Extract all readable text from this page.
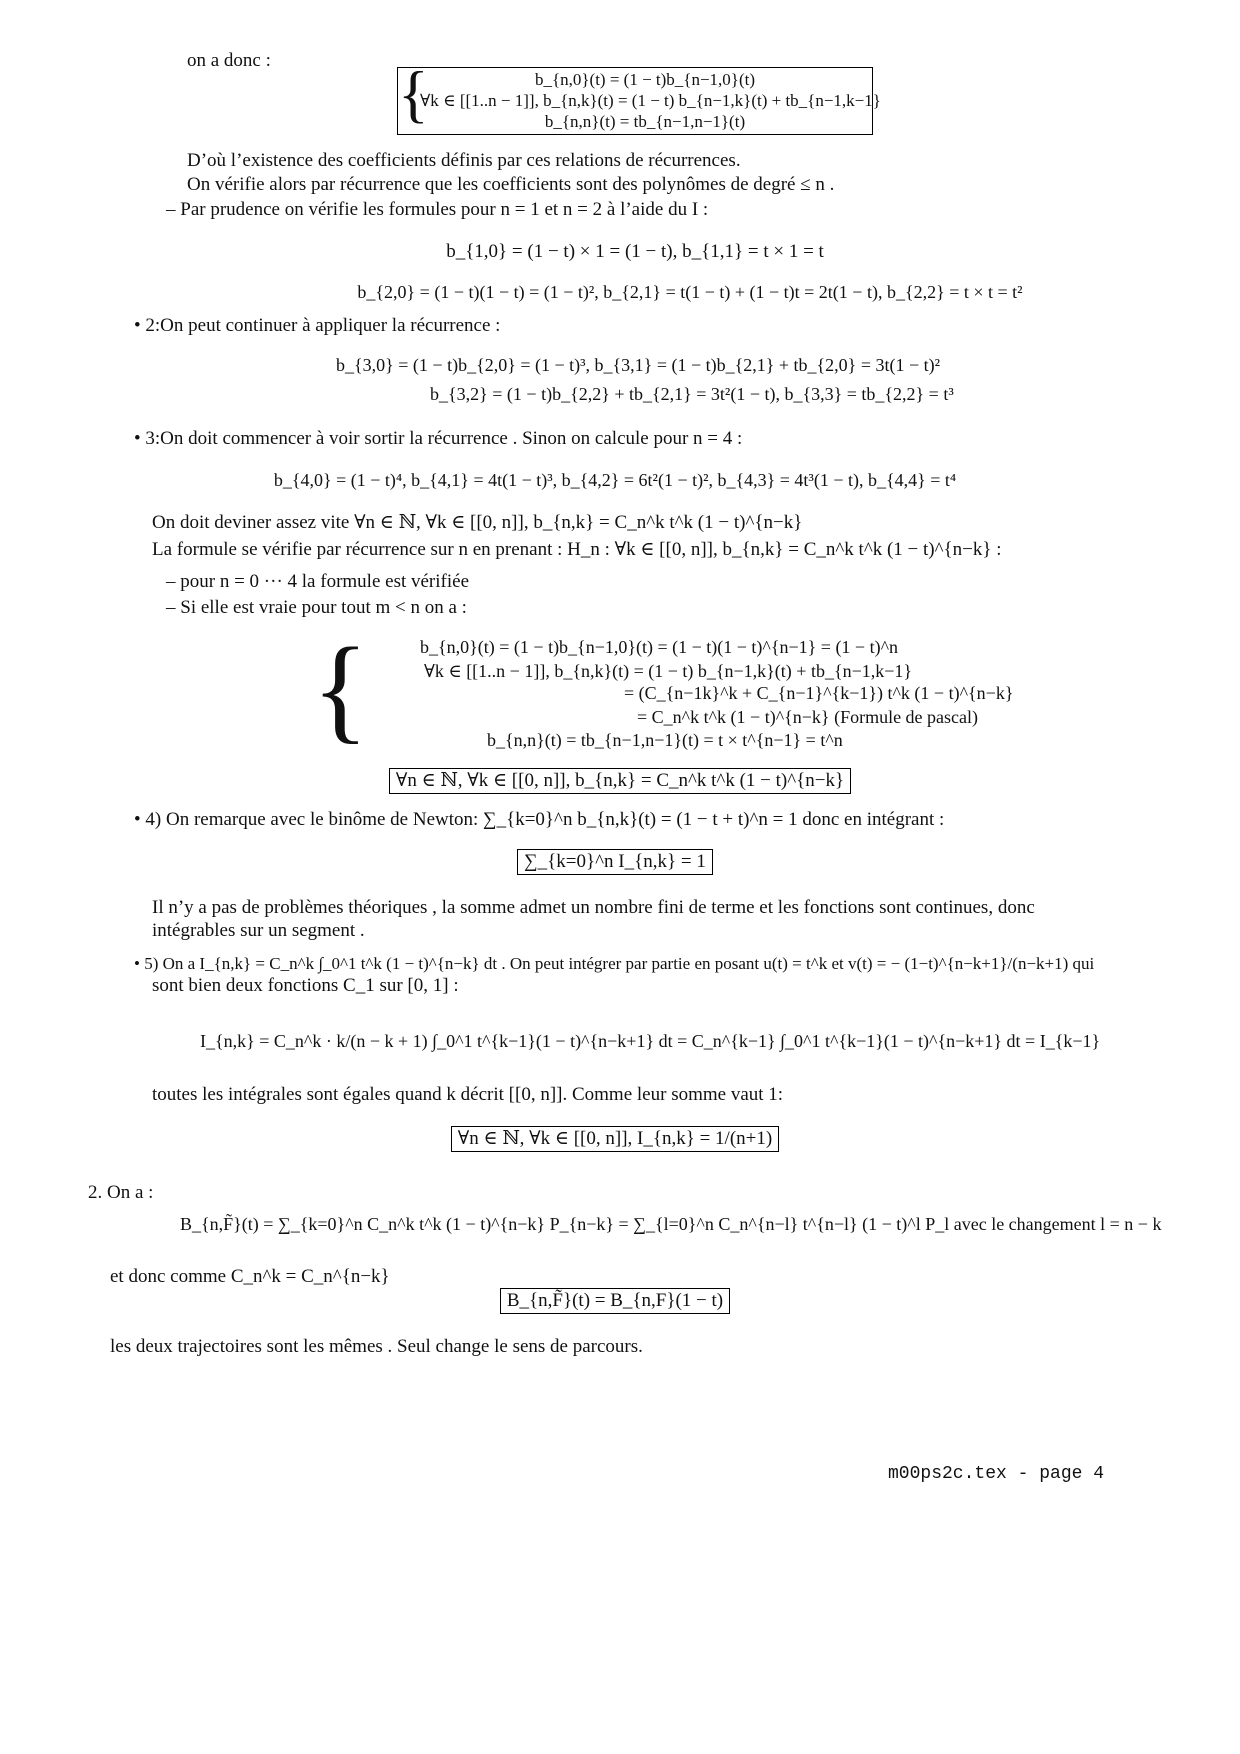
on a donc : {	b_{n,0}(t) = (1 − t)b_{n−1,0}(t)
∀k ∈ [[1..n − 1]], b_{n,k}(t) = (1 − t) b_{n−1,k}(t) + tb_{n−1,k−1}
b_{n,n}(t) = tb_{n−1,n−1}(t)
D’où l’existence des coefficients définis par ces relations de récurrences.
On vérifie alors par récurrence que les coefficients sont des polynômes de degré ≤ n .
– Par prudence on vérifie les formules pour n = 1 et n = 2 à l’aide du I :
b_{1,0} = (1 − t) × 1 = (1 − t), b_{1,1} = t × 1 = t
b_{2,0} = (1 − t)(1 − t) = (1 − t)², b_{2,1} = t(1 − t) + (1 − t)t = 2t(1 − t), b_{2,2} = t × t = t²
• 2:On peut continuer à appliquer la récurrence :
b_{3,0} = (1 − t)b_{2,0} = (1 − t)³, b_{3,1} = (1 − t)b_{2,1} + tb_{2,0} = 3t(1 − t)²
b_{3,2} = (1 − t)b_{2,2} + tb_{2,1} = 3t²(1 − t), b_{3,3} = tb_{2,2} = t³
• 3:On doit commencer à voir sortir la récurrence . Sinon on calcule pour n = 4 :
b_{4,0} = (1 − t)⁴, b_{4,1} = 4t(1 − t)³, b_{4,2} = 6t²(1 − t)², b_{4,3} = 4t³(1 − t), b_{4,4} = t⁴
On doit deviner assez vite ∀n ∈ ℕ, ∀k ∈ [[0, n]], b_{n,k} = C_n^k t^k (1 − t)^{n−k}
La formule se vérifie par récurrence sur n en prenant : H_n : ∀k ∈ [[0, n]], b_{n,k} = C_n^k t^k (1 − t)^{n−k} :
– pour n = 0 ··· 4 la formule est vérifiée
– Si elle est vraie pour tout m < n on a :
{	b_{n,0}(t) = (1 − t)b_{n−1,0}(t) = (1 − t)(1 − t)^{n−1} = (1 − t)^n
∀k ∈ [[1..n − 1]], b_{n,k}(t) = (1 − t) b_{n−1,k}(t) + tb_{n−1,k−1}
= (C_{n−1k}^k + C_{n−1}^{k−1}) t^k (1 − t)^{n−k}
= C_n^k t^k (1 − t)^{n−k} (Formule de pascal)
b_{n,n}(t) = tb_{n−1,n−1}(t) = t × t^{n−1} = t^n
∀n ∈ ℕ, ∀k ∈ [[0, n]], b_{n,k} = C_n^k t^k (1 − t)^{n−k}
• 4) On remarque avec le binôme de Newton: ∑_{k=0}^n b_{n,k}(t) = (1 − t + t)^n = 1 donc en intégrant :
∑_{k=0}^n I_{n,k} = 1
Il n’y a pas de problèmes théoriques , la somme admet un nombre fini de terme et les fonctions sont continues, donc
intégrables sur un segment .
• 5) On a I_{n,k} = C_n^k ∫_0^1 t^k (1 − t)^{n−k} dt . On peut intégrer par partie en posant u(t) = t^k et v(t) = − (1−t)^{n−k+1}/(n−k+1) qui
sont bien deux fonctions C_1 sur [0, 1] :
I_{n,k} = C_n^k · k/(n − k + 1) ∫_0^1 t^{k−1}(1 − t)^{n−k+1} dt = C_n^{k−1} ∫_0^1 t^{k−1}(1 − t)^{n−k+1} dt = I_{k−1}
toutes les intégrales sont égales quand k décrit [[0, n]]. Comme leur somme vaut 1:
∀n ∈ ℕ, ∀k ∈ [[0, n]], I_{n,k} = 1/(n+1)
2. On a :
B_{n,F̃}(t) = ∑_{k=0}^n C_n^k t^k (1 − t)^{n−k} P_{n−k} = ∑_{l=0}^n C_n^{n−l} t^{n−l} (1 − t)^l P_l avec le changement l = n − k
et donc comme C_n^k = C_n^{n−k}
B_{n,F̃}(t) = B_{n,F}(1 − t)
les deux trajectoires sont les mêmes . Seul change le sens de parcours.
m00ps2c.tex - page 4
